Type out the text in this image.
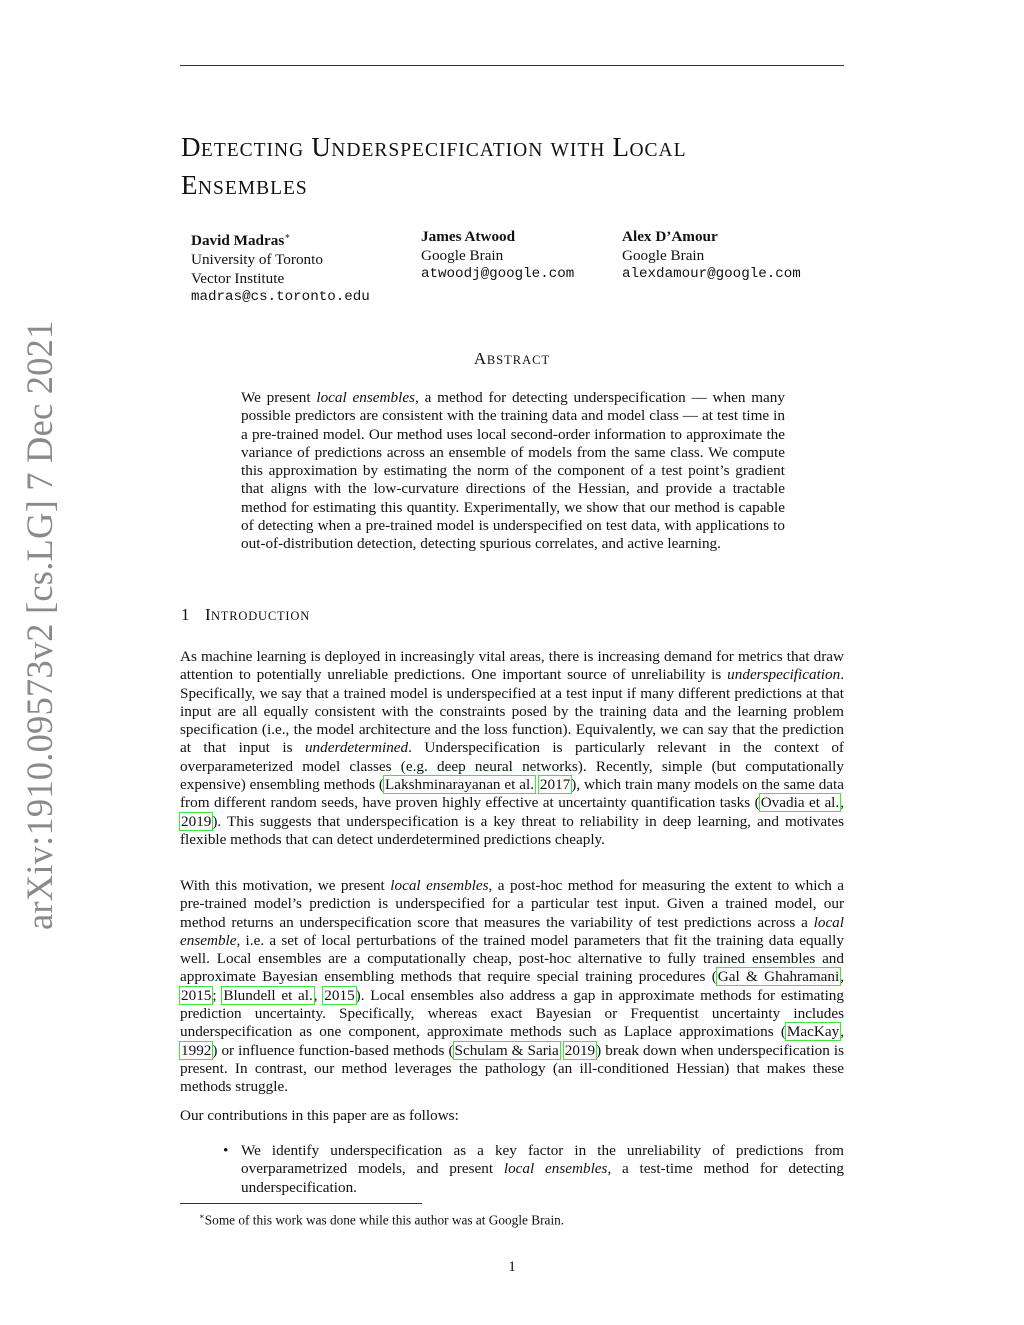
arXiv:1910.09573v2 [cs.LG] 7 Dec 2021
DETECTING UNDERSPECIFICATION WITH LOCAL
ENSEMBLES
David Madras∗
University of Toronto
Vector Institute
madras@cs.toronto.edu
James Atwood
Google Brain
atwoodj@google.com
Alex D’Amour
Google Brain
alexdamour@google.com
ABSTRACT
We present local ensembles, a method for detecting underspecification — when many possible predictors are consistent with the training data and model class — at test time in a pre-trained model. Our method uses local second-order information to approximate the variance of predictions across an ensemble of models from the same class. We compute this approximation by estimating the norm of the component of a test point’s gradient that aligns with the low-curvature directions of the Hessian, and provide a tractable method for estimating this quantity. Experimentally, we show that our method is capable of detecting when a pre-trained model is underspecified on test data, with applications to out-of-distribution detection, detecting spurious correlates, and active learning.
1 INTRODUCTION
As machine learning is deployed in increasingly vital areas, there is increasing demand for metrics that draw attention to potentially unreliable predictions. One important source of unreliability is underspecification. Specifically, we say that a trained model is underspecified at a test input if many different predictions at that input are all equally consistent with the constraints posed by the training data and the learning problem specification (i.e., the model architecture and the loss function). Equivalently, we can say that the prediction at that input is underdetermined. Underspecification is particularly relevant in the context of overparameterized model classes (e.g. deep neural networks). Recently, simple (but computationally expensive) ensembling methods (Lakshminarayanan et al. 2017), which train many models on the same data from different random seeds, have proven highly effective at uncertainty quantification tasks (Ovadia et al., 2019). This suggests that underspecification is a key threat to reliability in deep learning, and motivates flexible methods that can detect underdetermined predictions cheaply.
With this motivation, we present local ensembles, a post-hoc method for measuring the extent to which a pre-trained model’s prediction is underspecified for a particular test input. Given a trained model, our method returns an underspecification score that measures the variability of test predictions across a local ensemble, i.e. a set of local perturbations of the trained model parameters that fit the training data equally well. Local ensembles are a computationally cheap, post-hoc alternative to fully trained ensembles and approximate Bayesian ensembling methods that require special training procedures (Gal & Ghahramani, 2015; Blundell et al., 2015). Local ensembles also address a gap in approximate methods for estimating prediction uncertainty. Specifically, whereas exact Bayesian or Frequentist uncertainty includes underspecification as one component, approximate methods such as Laplace approximations (MacKay, 1992) or influence function-based methods (Schulam & Saria 2019) break down when underspecification is present. In contrast, our method leverages the pathology (an ill-conditioned Hessian) that makes these methods struggle.
Our contributions in this paper are as follows:
• We identify underspecification as a key factor in the unreliability of predictions from overparametrized models, and present local ensembles, a test-time method for detecting underspecification.
∗Some of this work was done while this author was at Google Brain.
1
